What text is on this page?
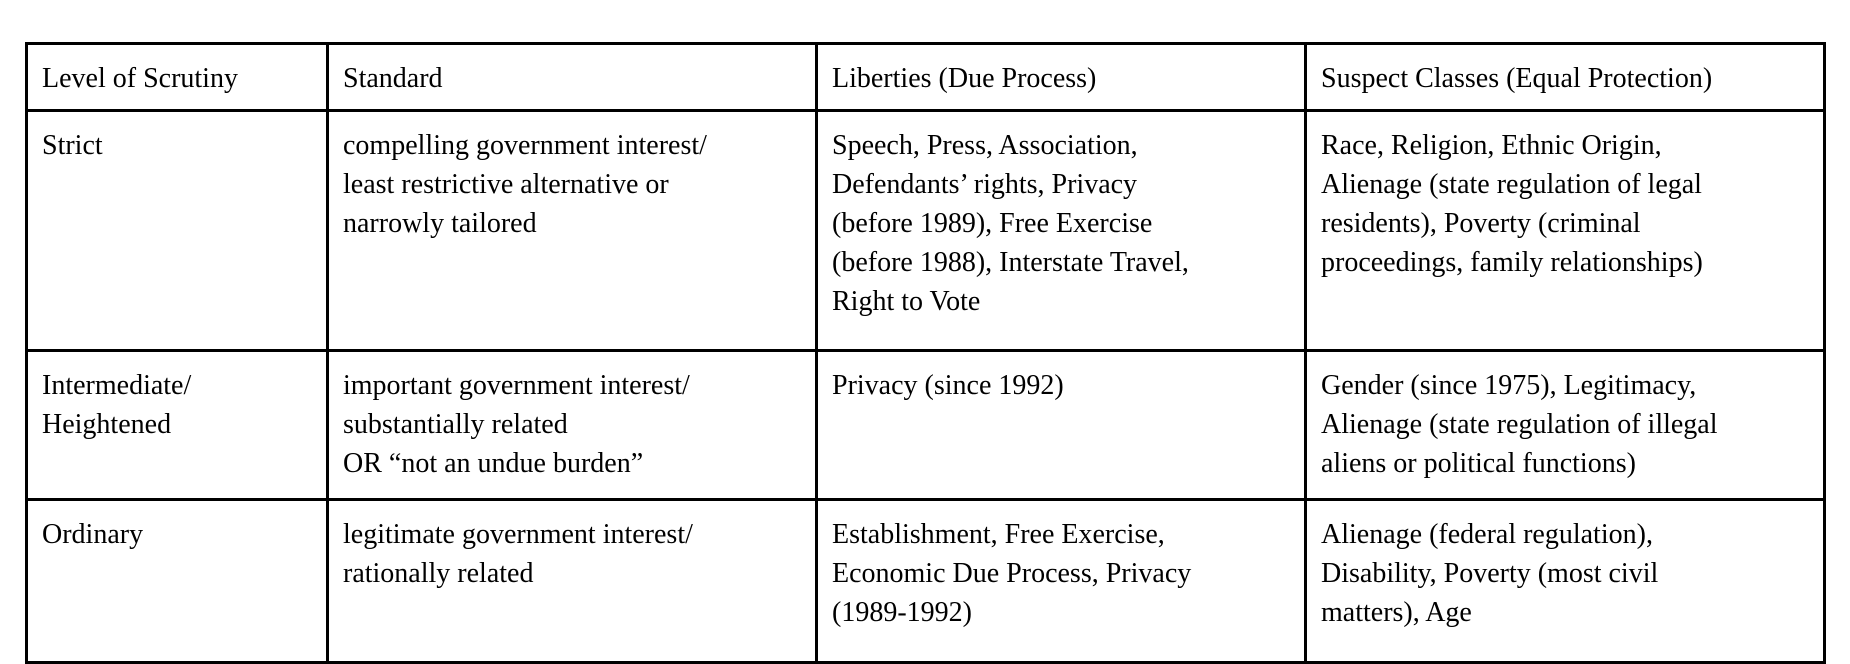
Level of Scrutiny	Standard	Liberties (Due Process)	Suspect Classes (Equal Protection)

Strict	compelling government interest/
least restrictive alternative or
narrowly tailored	Speech, Press, Association,
Defendants’ rights, Privacy
(before 1989), Free Exercise
(before 1988), Interstate Travel,
Right to Vote	Race, Religion, Ethnic Origin,
Alienage (state regulation of legal
residents), Poverty (criminal
proceedings, family relationships)

Intermediate/
Heightened	important government interest/
substantially related
OR “not an undue burden”	Privacy (since 1992)	Gender (since 1975), Legitimacy,
Alienage (state regulation of illegal
aliens or political functions)

Ordinary	legitimate government interest/
rationally related	Establishment, Free Exercise,
Economic Due Process, Privacy
(1989-1992)	Alienage (federal regulation),
Disability, Poverty (most civil
matters), Age
